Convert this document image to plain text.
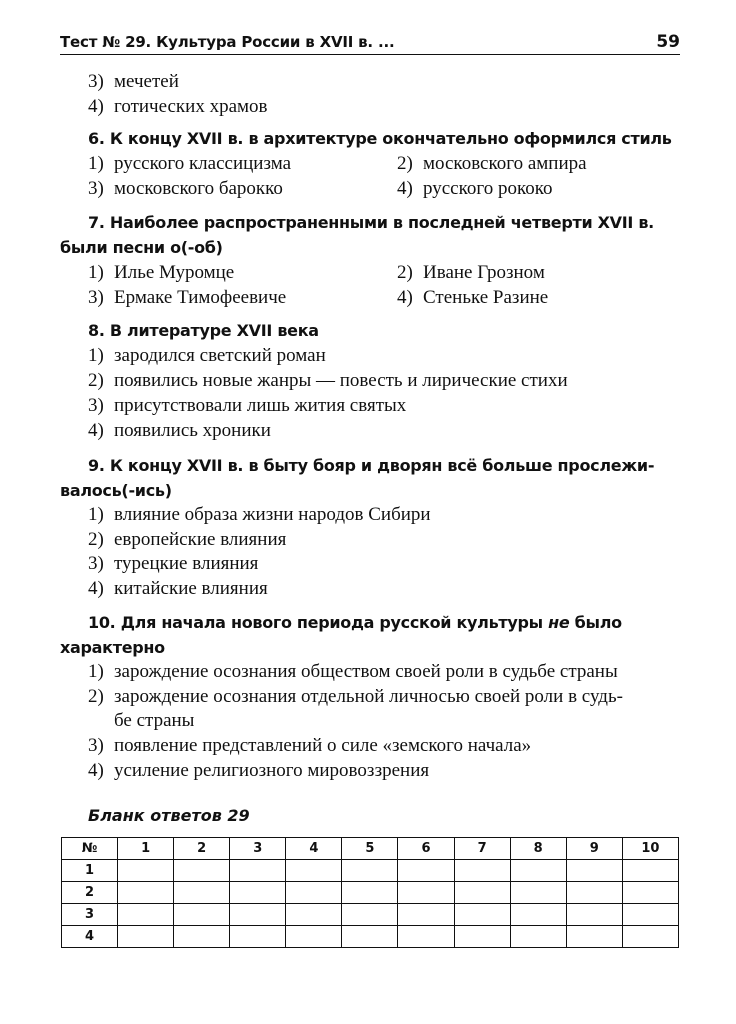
Тест № 29. Культура России в XVII в. ...	59
3) мечетей
4) готических храмов
6. К концу XVII в. в архитектуре окончательно оформился стиль
1) русского классицизма	2) московского ампира
3) московского барокко	4) русского рококо
7. Наиболее распространенными в последней четверти XVII в.
были песни о(-об)
1) Илье Муромце	2) Иване Грозном
3) Ермаке Тимофеевиче	4) Стеньке Разине
8. В литературе XVII века
1) зародился светский роман
2) появились новые жанры — повесть и лирические стихи
3) присутствовали лишь жития святых
4) появились хроники
9. К концу XVII в. в быту бояр и дворян всё больше прослежи-
валось(-ись)
1) влияние образа жизни народов Сибири
2) европейские влияния
3) турецкие влияния
4) китайские влияния
10. Для начала нового периода русской культуры не было
характерно
1) зарождение осознания обществом своей роли в судьбе страны
2) зарождение осознания отдельной личносью своей роли в судь-
бе страны
3) появление представлений о силе «земского начала»
4) усиление религиозного мировоззрения
Бланк ответов 29
№	1	2	3	4	5	6	7	8	9	10
1										
2										
3										
4										
